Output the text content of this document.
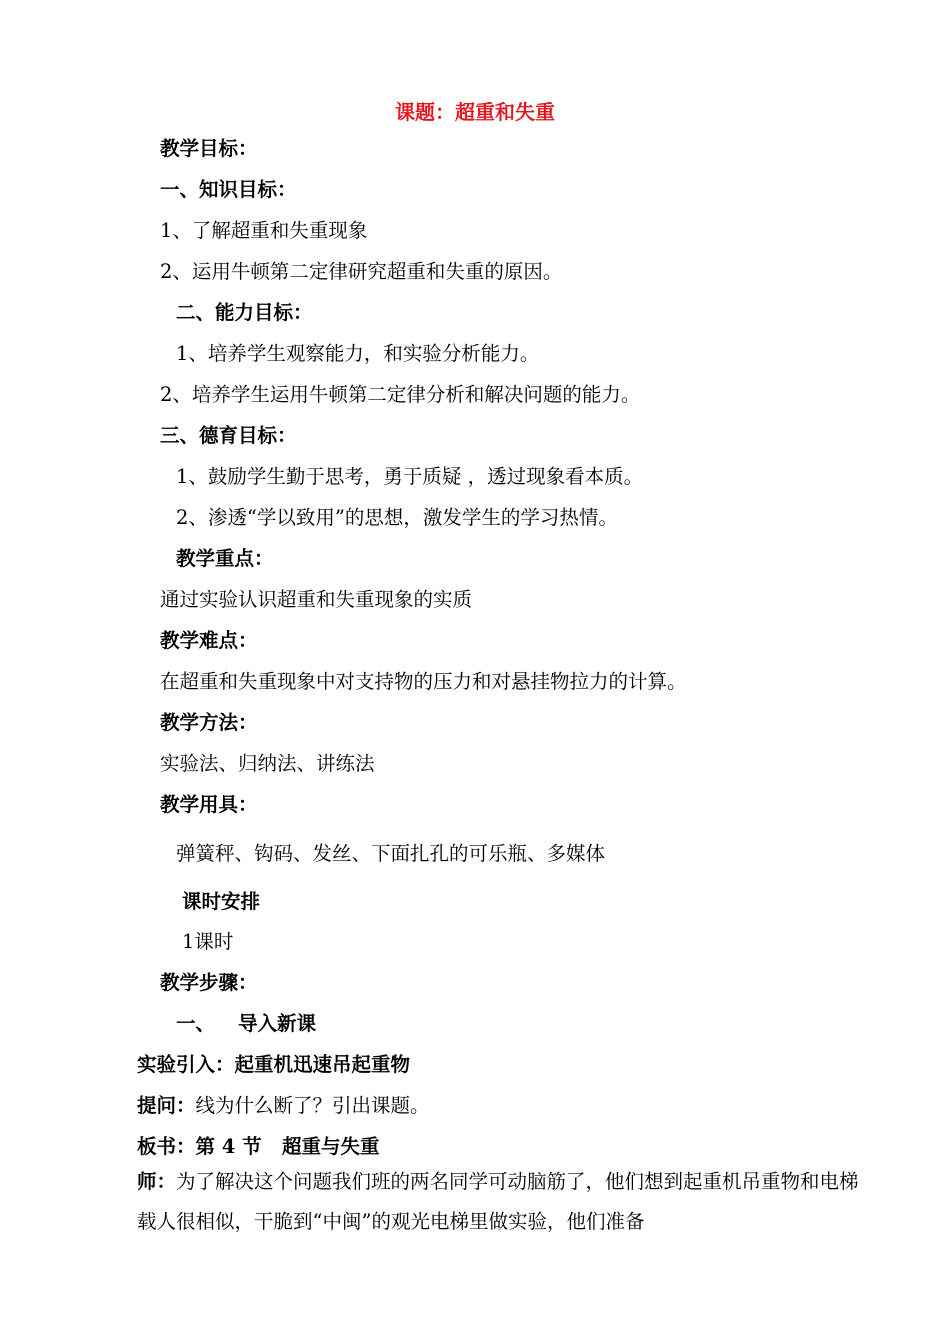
课题：超重和失重
教学目标：
一、知识目标：
1、了解超重和失重现象
2、运用牛顿第二定律研究超重和失重的原因。
二、能力目标：
1、培养学生观察能力，和实验分析能力。
2、培养学生运用牛顿第二定律分析和解决问题的能力。
三、德育目标：
1、鼓励学生勤于思考，勇于质疑 ，透过现象看本质。
2、渗透“学以致用”的思想，激发学生的学习热情。
教学重点：
通过实验认识超重和失重现象的实质
教学难点：
在超重和失重现象中对支持物的压力和对悬挂物拉力的计算。
教学方法：
实验法、归纳法、讲练法
教学用具：
弹簧秤、钩码、发丝、下面扎孔的可乐瓶、多媒体
课时安排
1课时
教学步骤：
一、 导入新课
实验引入：起重机迅速吊起重物
提问：线为什么断了？引出课题。
板书：第 4 节   超重与失重
师：为了解决这个问题我们班的两名同学可动脑筋了，他们想到起重机吊重物和电梯载人很相似，干脆到“中闽”的观光电梯里做实验，他们准备
